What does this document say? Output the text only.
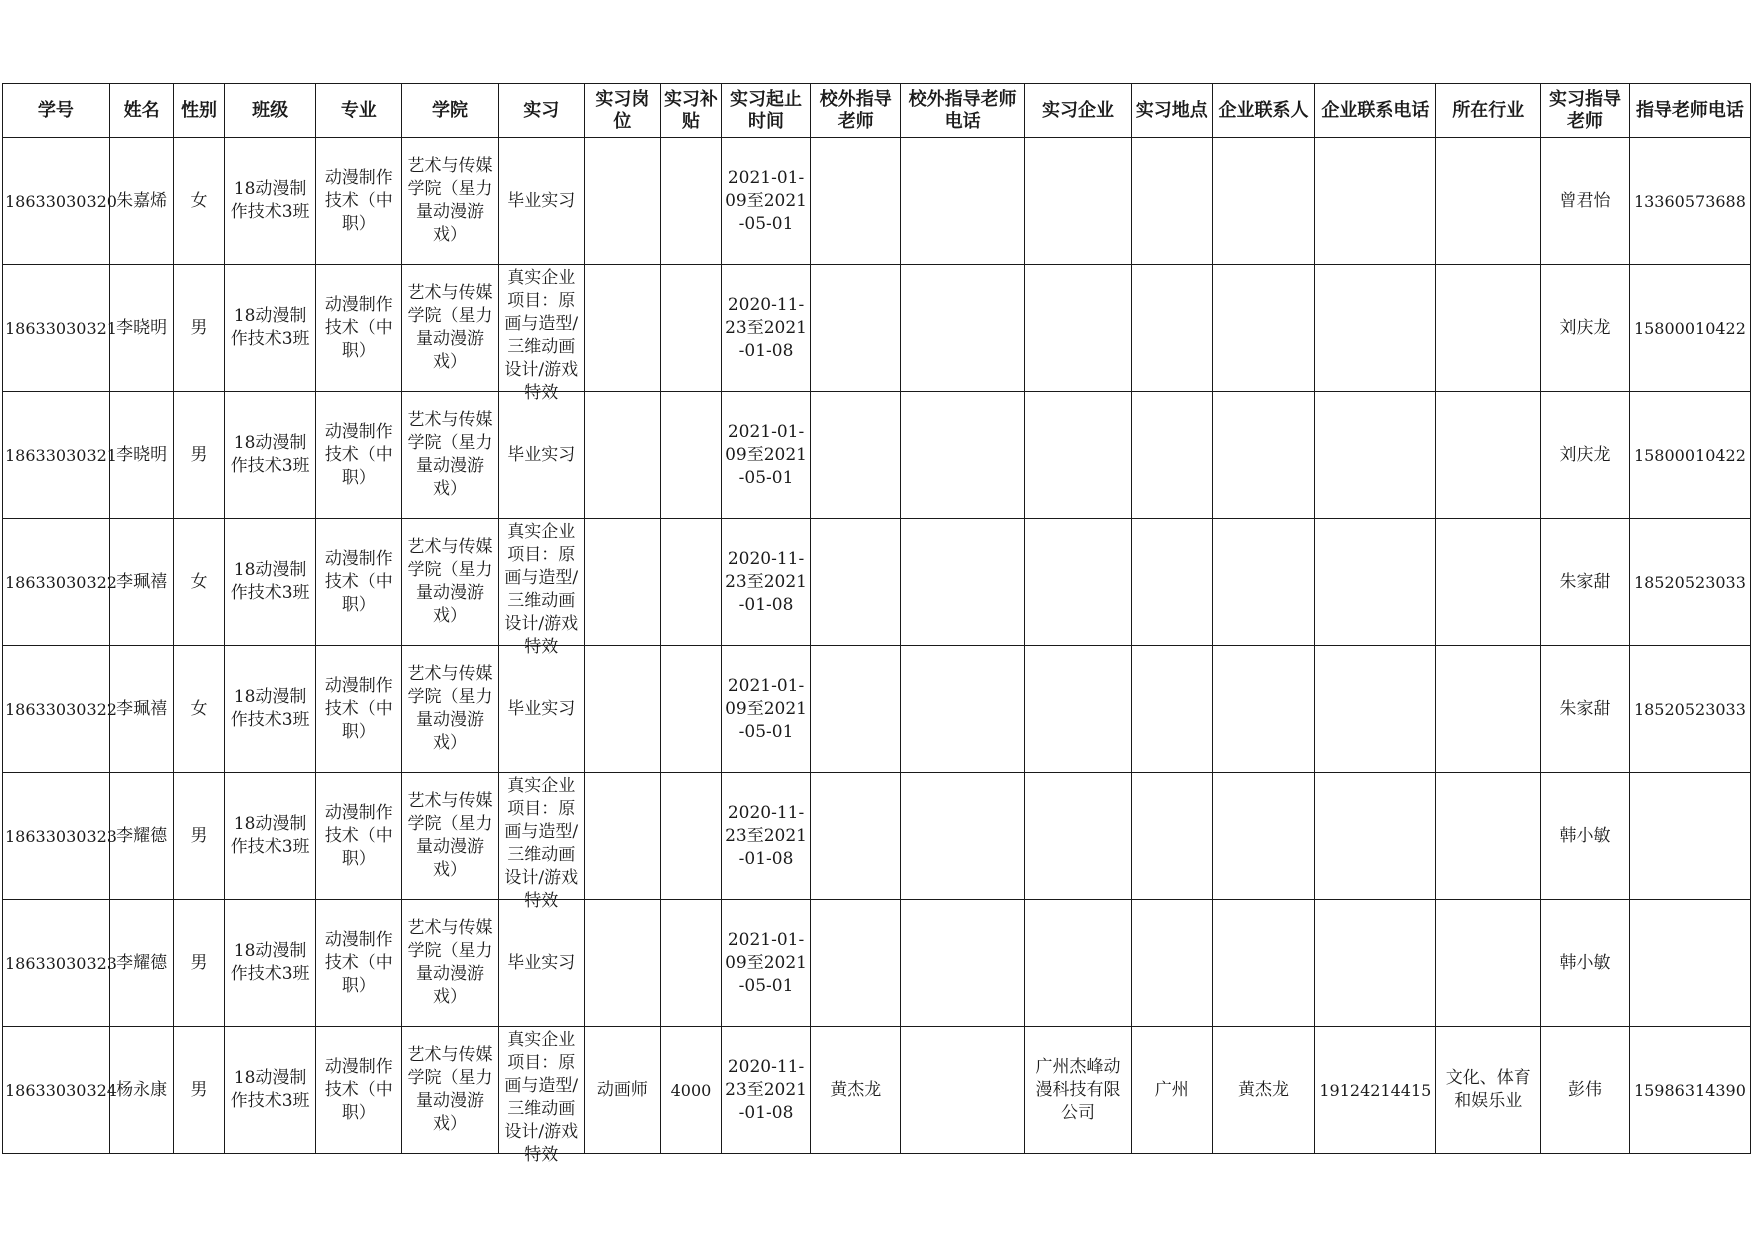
学号	姓名	性别	班级	专业	学院	实习	实习岗位	实习补贴	实习起止时间	校外指导老师	校外指导老师电话	实习企业	实习地点	企业联系人	企业联系电话	所在行业	实习指导老师	指导老师电话

18633030320	朱嘉烯	女	18动漫制作技术3班	动漫制作技术（中职）	艺术与传媒学院（星力量动漫游戏）	毕业实习			2021-01-09至2021-05-01								曾君怡	13360573688

18633030321	李晓明	男	18动漫制作技术3班	动漫制作技术（中职）	艺术与传媒学院（星力量动漫游戏）	真实企业项目：原画与造型/三维动画设计/游戏特效			2020-11-23至2021-01-08								刘庆龙	15800010422

18633030321	李晓明	男	18动漫制作技术3班	动漫制作技术（中职）	艺术与传媒学院（星力量动漫游戏）	毕业实习			2021-01-09至2021-05-01								刘庆龙	15800010422

18633030322	李珮禧	女	18动漫制作技术3班	动漫制作技术（中职）	艺术与传媒学院（星力量动漫游戏）	真实企业项目：原画与造型/三维动画设计/游戏特效			2020-11-23至2021-01-08								朱家甜	18520523033

18633030322	李珮禧	女	18动漫制作技术3班	动漫制作技术（中职）	艺术与传媒学院（星力量动漫游戏）	毕业实习			2021-01-09至2021-05-01								朱家甜	18520523033

18633030323	李耀德	男	18动漫制作技术3班	动漫制作技术（中职）	艺术与传媒学院（星力量动漫游戏）	真实企业项目：原画与造型/三维动画设计/游戏特效			2020-11-23至2021-01-08								韩小敏	

18633030323	李耀德	男	18动漫制作技术3班	动漫制作技术（中职）	艺术与传媒学院（星力量动漫游戏）	毕业实习			2021-01-09至2021-05-01								韩小敏	

18633030324	杨永康	男	18动漫制作技术3班	动漫制作技术（中职）	艺术与传媒学院（星力量动漫游戏）	真实企业项目：原画与造型/三维动画设计/游戏特效	动画师	4000	2020-11-23至2021-01-08	黄杰龙		广州杰峰动漫科技有限公司	广州	黄杰龙	19124214415	文化、体育和娱乐业	彭伟	15986314390
